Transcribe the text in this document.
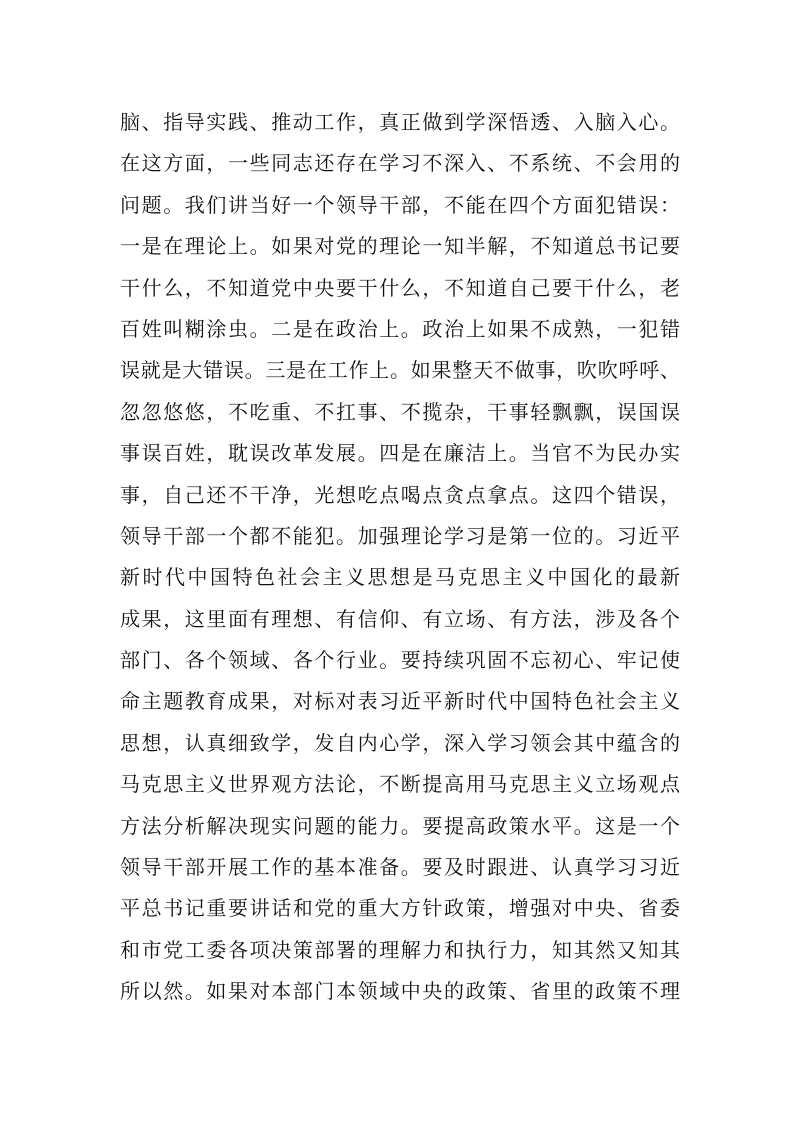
脑、指导实践、推动工作，真正做到学深悟透、入脑入心。
在这方面，一些同志还存在学习不深入、不系统、不会用的
问题。我们讲当好一个领导干部，不能在四个方面犯错误：
一是在理论上。如果对党的理论一知半解，不知道总书记要
干什么，不知道党中央要干什么，不知道自己要干什么，老
百姓叫糊涂虫。二是在政治上。政治上如果不成熟，一犯错
误就是大错误。三是在工作上。如果整天不做事，吹吹呼呼、
忽忽悠悠，不吃重、不扛事、不揽杂，干事轻飘飘，误国误
事误百姓，耽误改革发展。四是在廉洁上。当官不为民办实
事，自己还不干净，光想吃点喝点贪点拿点。这四个错误，
领导干部一个都不能犯。加强理论学习是第一位的。习近平
新时代中国特色社会主义思想是马克思主义中国化的最新
成果，这里面有理想、有信仰、有立场、有方法，涉及各个
部门、各个领域、各个行业。要持续巩固不忘初心、牢记使
命主题教育成果，对标对表习近平新时代中国特色社会主义
思想，认真细致学，发自内心学，深入学习领会其中蕴含的
马克思主义世界观方法论，不断提高用马克思主义立场观点
方法分析解决现实问题的能力。要提高政策水平。这是一个
领导干部开展工作的基本准备。要及时跟进、认真学习习近
平总书记重要讲话和党的重大方针政策，增强对中央、省委
和市党工委各项决策部署的理解力和执行力，知其然又知其
所以然。如果对本部门本领域中央的政策、省里的政策不理
